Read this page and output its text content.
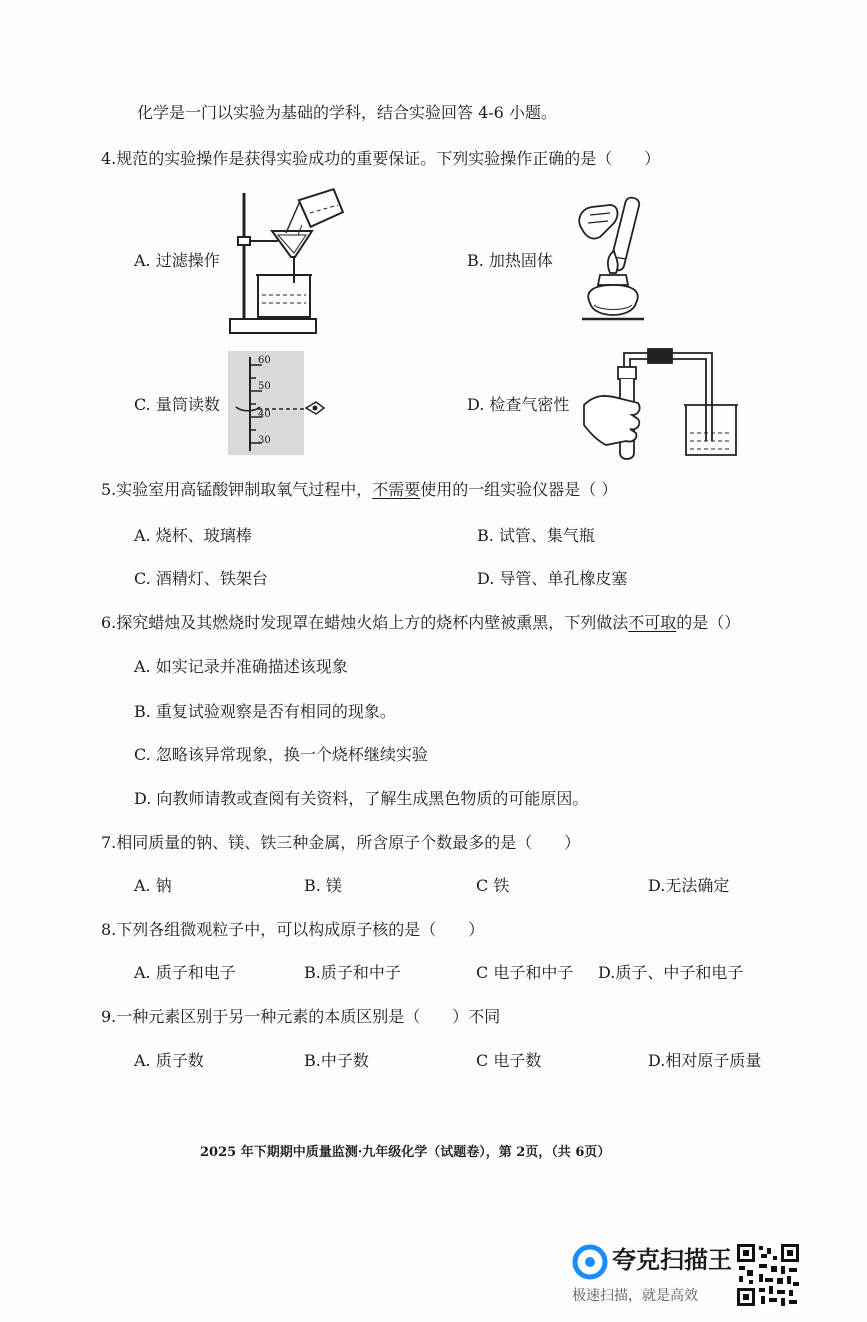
化学是一门以实验为基础的学科，结合实验回答 4-6 小题。
4.规范的实验操作是获得实验成功的重要保证。下列实验操作正确的是（　　）
A. 过滤操作	B. 加热固体
C. 量筒读数	D. 检查气密性
60
50
40
30
5.实验室用高锰酸钾制取氧气过程中，不需要使用的一组实验仪器是（ ）
A. 烧杯、玻璃棒	B. 试管、集气瓶
C. 酒精灯、铁架台	D. 导管、单孔橡皮塞
6.探究蜡烛及其燃烧时发现罩在蜡烛火焰上方的烧杯内壁被熏黑，下列做法不可取的是（）
A. 如实记录并准确描述该现象
B. 重复试验观察是否有相同的现象。
C. 忽略该异常现象，换一个烧杯继续实验
D. 向教师请教或查阅有关资料，了解生成黑色物质的可能原因。
7.相同质量的钠、镁、铁三种金属，所含原子个数最多的是（　　）
A. 钠	B. 镁	C 铁	D.无法确定
8.下列各组微观粒子中，可以构成原子核的是（　　）
A. 质子和电子	B.质子和中子	C 电子和中子 D.质子、中子和电子
9.一种元素区别于另一种元素的本质区别是（　　）不同
A. 质子数	B.中子数	C 电子数	D.相对原子质量
2025 年下期期中质量监测·九年级化学（试题卷），第 2页，（共 6页）
夸克扫描王
极速扫描，就是高效
